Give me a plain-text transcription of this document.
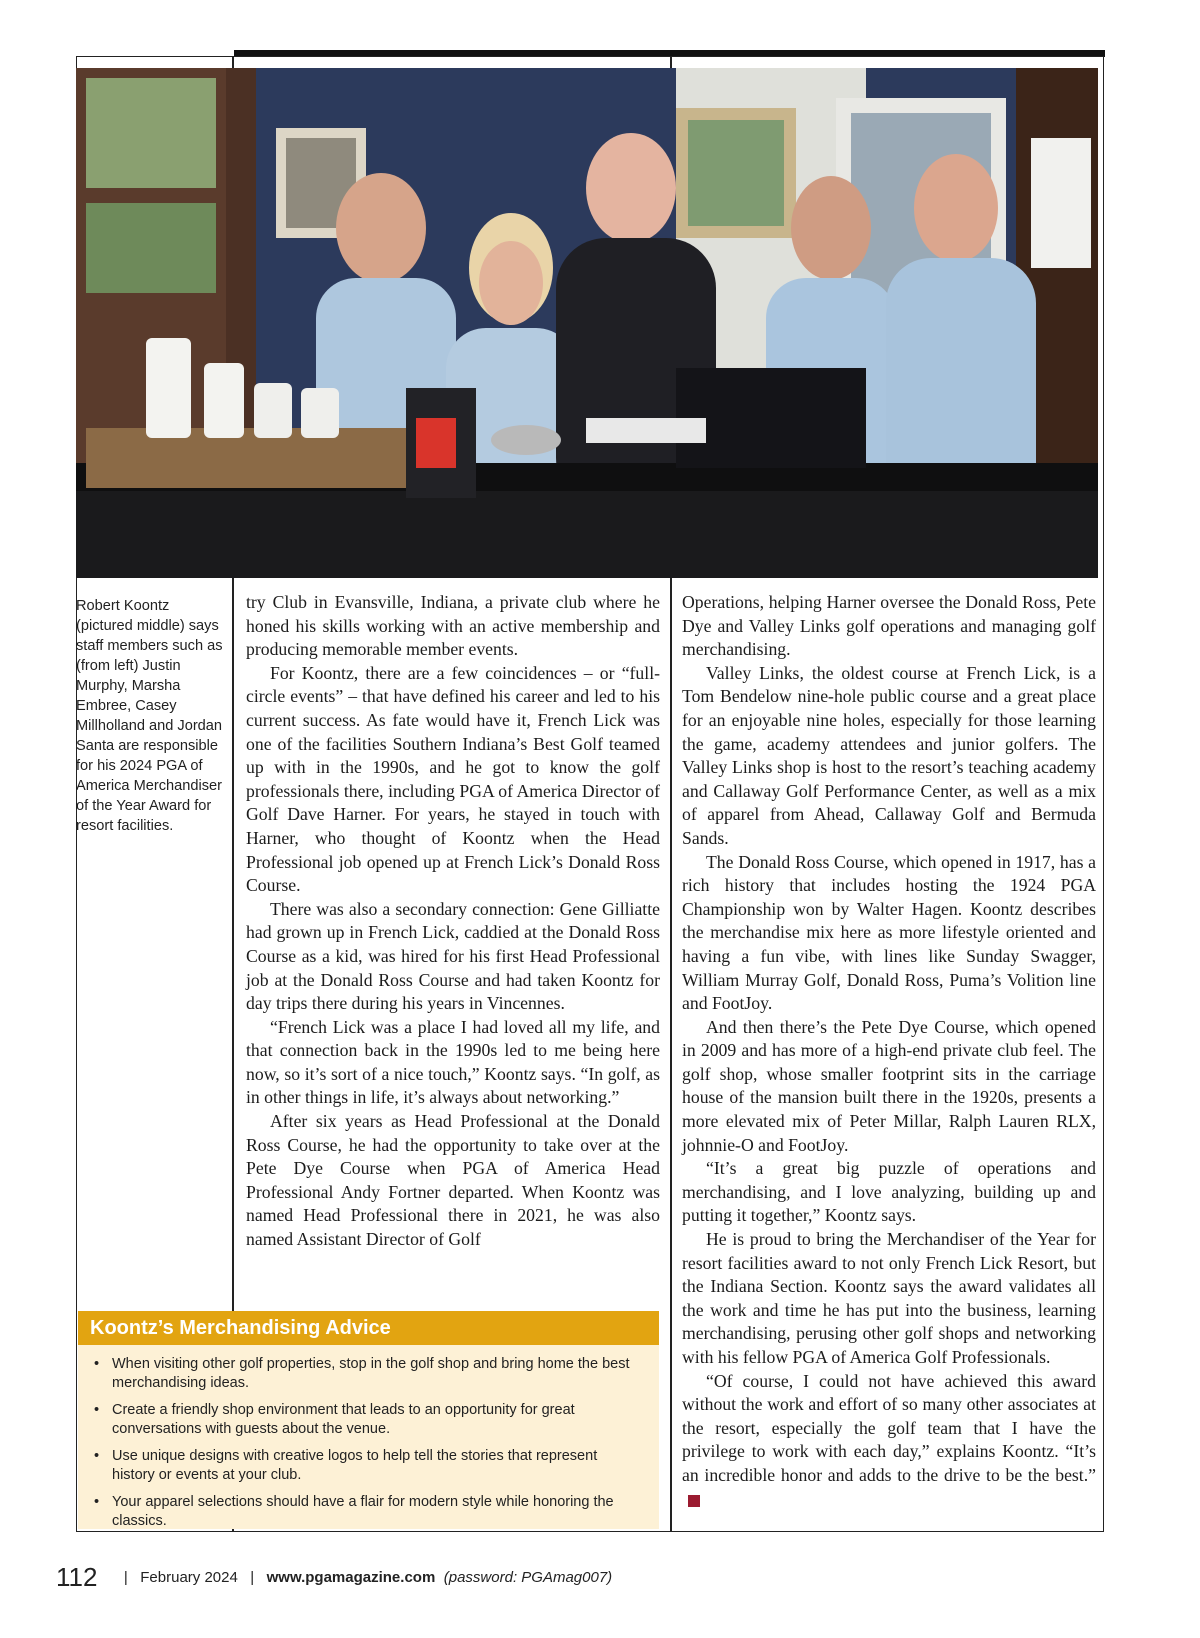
Robert Koontz (pictured middle) says staff members such as (from left) Justin Murphy, Marsha Embree, Casey Millholland and Jordan Santa are responsible for his 2024 PGA of America Merchandiser of the Year Award for resort facilities.

try Club in Evansville, Indiana, a private club where he honed his skills working with an active membership and producing memorable member events.

For Koontz, there are a few coincidences – or “full-circle events” – that have defined his career and led to his current success. As fate would have it, French Lick was one of the facilities Southern Indiana’s Best Golf teamed up with in the 1990s, and he got to know the golf professionals there, including PGA of America Director of Golf Dave Harner. For years, he stayed in touch with Harner, who thought of Koontz when the Head Professional job opened up at French Lick’s Donald Ross Course.

There was also a secondary connection: Gene Gilliatte had grown up in French Lick, caddied at the Donald Ross Course as a kid, was hired for his first Head Professional job at the Donald Ross Course and had taken Koontz for day trips there during his years in Vincennes.

“French Lick was a place I had loved all my life, and that connection back in the 1990s led to me being here now, so it’s sort of a nice touch,” Koontz says. “In golf, as in other things in life, it’s always about networking.”

After six years as Head Professional at the Donald Ross Course, he had the opportunity to take over at the Pete Dye Course when PGA of America Head Professional Andy Fortner departed. When Koontz was named Head Professional there in 2021, he was also named Assistant Director of Golf

Operations, helping Harner oversee the Donald Ross, Pete Dye and Valley Links golf operations and managing golf merchandising.

Valley Links, the oldest course at French Lick, is a Tom Bendelow nine-hole public course and a great place for an enjoyable nine holes, especially for those learning the game, academy attendees and junior golfers. The Valley Links shop is host to the resort’s teaching academy and Callaway Golf Performance Center, as well as a mix of apparel from Ahead, Callaway Golf and Bermuda Sands.

The Donald Ross Course, which opened in 1917, has a rich history that includes hosting the 1924 PGA Championship won by Walter Hagen. Koontz describes the merchandise mix here as more lifestyle oriented and having a fun vibe, with lines like Sunday Swagger, William Murray Golf, Donald Ross, Puma’s Volition line and FootJoy.

And then there’s the Pete Dye Course, which opened in 2009 and has more of a high-end private club feel. The golf shop, whose smaller footprint sits in the carriage house of the mansion built there in the 1920s, presents a more elevated mix of Peter Millar, Ralph Lauren RLX, johnnie-O and FootJoy.

“It’s a great big puzzle of operations and merchandising, and I love analyzing, building up and putting it together,” Koontz says.

He is proud to bring the Merchandiser of the Year for resort facilities award to not only French Lick Resort, but the Indiana Section. Koontz says the award validates all the work and time he has put into the business, learning merchandising, perusing other golf shops and networking with his fellow PGA of America Golf Professionals.

“Of course, I could not have achieved this award without the work and effort of so many other associates at the resort, especially the golf team that I have the privilege to work with each day,” explains Koontz. “It’s an incredible honor and adds to the drive to be the best.”

Koontz’s Merchandising Advice
• When visiting other golf properties, stop in the golf shop and bring home the best merchandising ideas.
• Create a friendly shop environment that leads to an opportunity for great conversations with guests about the venue.
• Use unique designs with creative logos to help tell the stories that represent history or events at your club.
• Your apparel selections should have a flair for modern style while honoring the classics.
112 | February 2024 | www.pgamagazine.com (password: PGAmag007)
